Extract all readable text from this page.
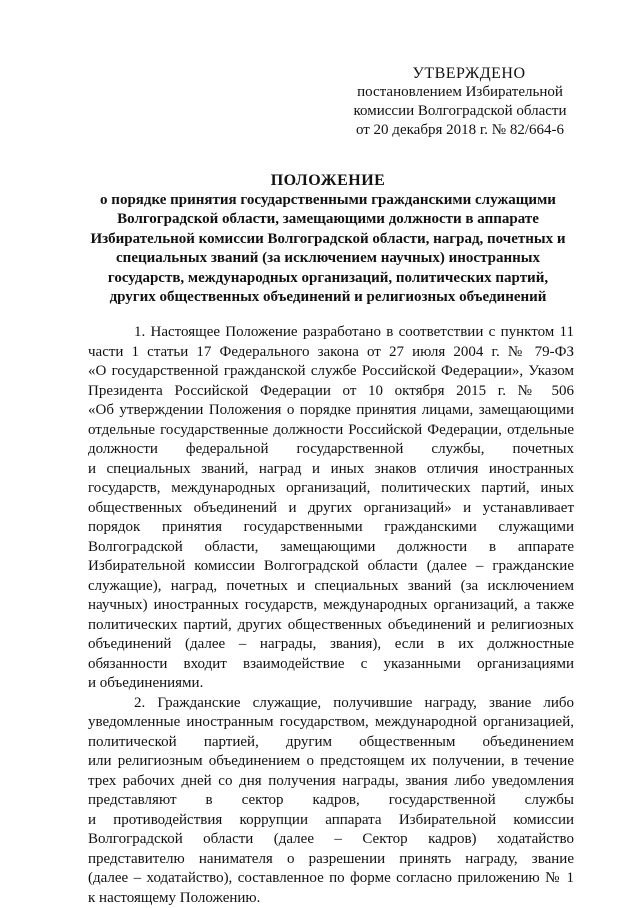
УТВЕРЖДЕНО
постановлением Избирательной
комиссии Волгоградской области
от 20 декабря 2018 г. № 82/664-6
ПОЛОЖЕНИЕ
о порядке принятия государственными гражданскими служащими
Волгоградской области, замещающими должности в аппарате
Избирательной комиссии Волгоградской области, наград, почетных и
специальных званий (за исключением научных) иностранных
государств, международных организаций, политических партий,
других общественных объединений и религиозных объединений
1. Настоящее Положение разработано в соответствии с пунктом 11
части 1 статьи 17 Федерального закона от 27 июля 2004 г. № 79-ФЗ
«О государственной гражданской службе Российской Федерации», Указом
Президента Российской Федерации от 10 октября 2015 г. № 506
«Об утверждении Положения о порядке принятия лицами, замещающими
отдельные государственные должности Российской Федерации, отдельные
должности федеральной государственной службы, почетных
и специальных званий, наград и иных знаков отличия иностранных
государств, международных организаций, политических партий, иных
общественных объединений и других организаций» и устанавливает
порядок принятия государственными гражданскими служащими
Волгоградской области, замещающими должности в аппарате
Избирательной комиссии Волгоградской области (далее – гражданские
служащие), наград, почетных и специальных званий (за исключением
научных) иностранных государств, международных организаций, а также
политических партий, других общественных объединений и религиозных
объединений (далее – награды, звания), если в их должностные
обязанности входит взаимодействие с указанными организациями
и объединениями.
2. Гражданские служащие, получившие награду, звание либо
уведомленные иностранным государством, международной организацией,
политической партией, другим общественным объединением
или религиозным объединением о предстоящем их получении, в течение
трех рабочих дней со дня получения награды, звания либо уведомления
представляют в сектор кадров, государственной службы
и противодействия коррупции аппарата Избирательной комиссии
Волгоградской области (далее – Сектор кадров) ходатайство
представителю нанимателя о разрешении принять награду, звание
(далее – ходатайство), составленное по форме согласно приложению № 1
к настоящему Положению.
